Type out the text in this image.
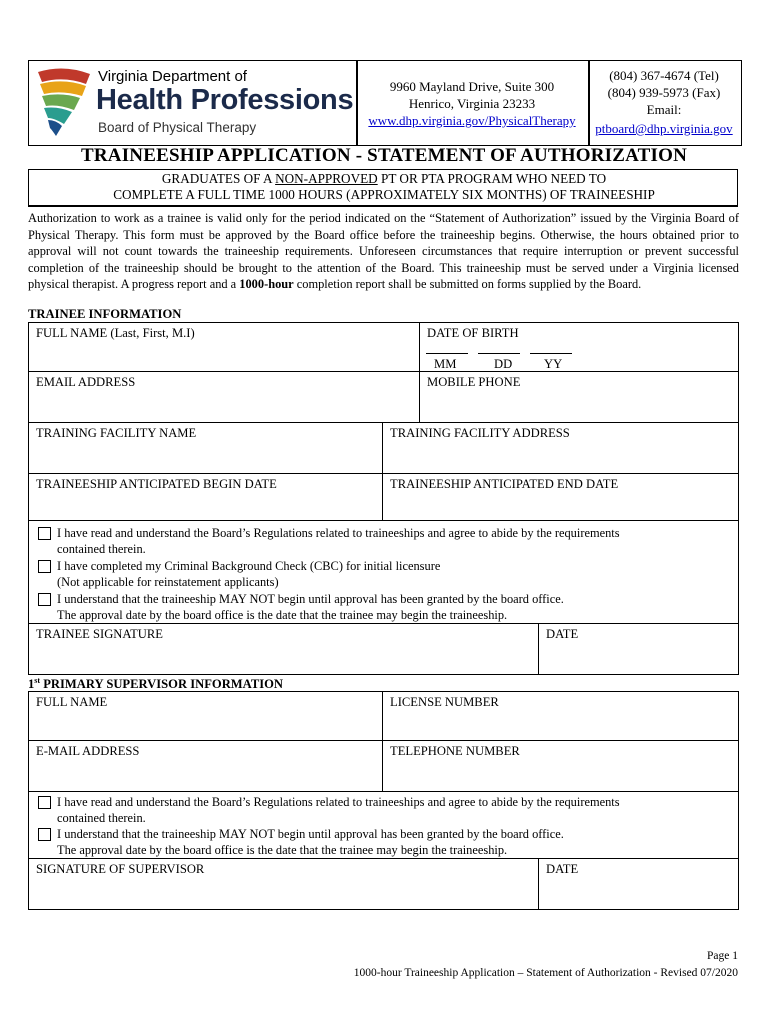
Virginia Department of
Health Professions
Board of Physical Therapy
9960 Mayland Drive, Suite 300
Henrico, Virginia 23233
www.dhp.virginia.gov/PhysicalTherapy
(804) 367-4674 (Tel)
(804) 939-5973 (Fax)
Email:
ptboard@dhp.virginia.gov
TRAINEESHIP APPLICATION - STATEMENT OF AUTHORIZATION
GRADUATES OF A NON-APPROVED PT OR PTA PROGRAM WHO NEED TO
COMPLETE A FULL TIME 1000 HOURS (APPROXIMATELY SIX MONTHS) OF TRAINEESHIP
Authorization to work as a trainee is valid only for the period indicated on the “Statement of Authorization” issued by the Virginia Board of Physical Therapy. This form must be approved by the Board office before the traineeship begins. Otherwise, the hours obtained prior to approval will not count towards the traineeship requirements. Unforeseen circumstances that require interruption or prevent successful completion of the traineeship should be brought to the attention of the Board. This traineeship must be served under a Virginia licensed physical therapist. A progress report and a 1000-hour completion report shall be submitted on forms supplied by the Board.
TRAINEE INFORMATION
FULL NAME (Last, First, M.I)	DATE OF BIRTH
MM	DD	YY
EMAIL ADDRESS	MOBILE PHONE
TRAINING FACILITY NAME	TRAINING FACILITY ADDRESS
TRAINEESHIP ANTICIPATED BEGIN DATE	TRAINEESHIP ANTICIPATED END DATE
I have read and understand the Board’s Regulations related to traineeships and agree to abide by the requirements
contained therein.
I have completed my Criminal Background Check (CBC) for initial licensure
(Not applicable for reinstatement applicants)
I understand that the traineeship MAY NOT begin until approval has been granted by the board office.
The approval date by the board office is the date that the trainee may begin the traineeship.
TRAINEE SIGNATURE	DATE
1st PRIMARY SUPERVISOR INFORMATION
FULL NAME	LICENSE NUMBER
E-MAIL ADDRESS	TELEPHONE NUMBER
I have read and understand the Board’s Regulations related to traineeships and agree to abide by the requirements
contained therein.
I understand that the traineeship MAY NOT begin until approval has been granted by the board office.
The approval date by the board office is the date that the trainee may begin the traineeship.
SIGNATURE OF SUPERVISOR	DATE
Page 1
1000-hour Traineeship Application – Statement of Authorization - Revised 07/2020
